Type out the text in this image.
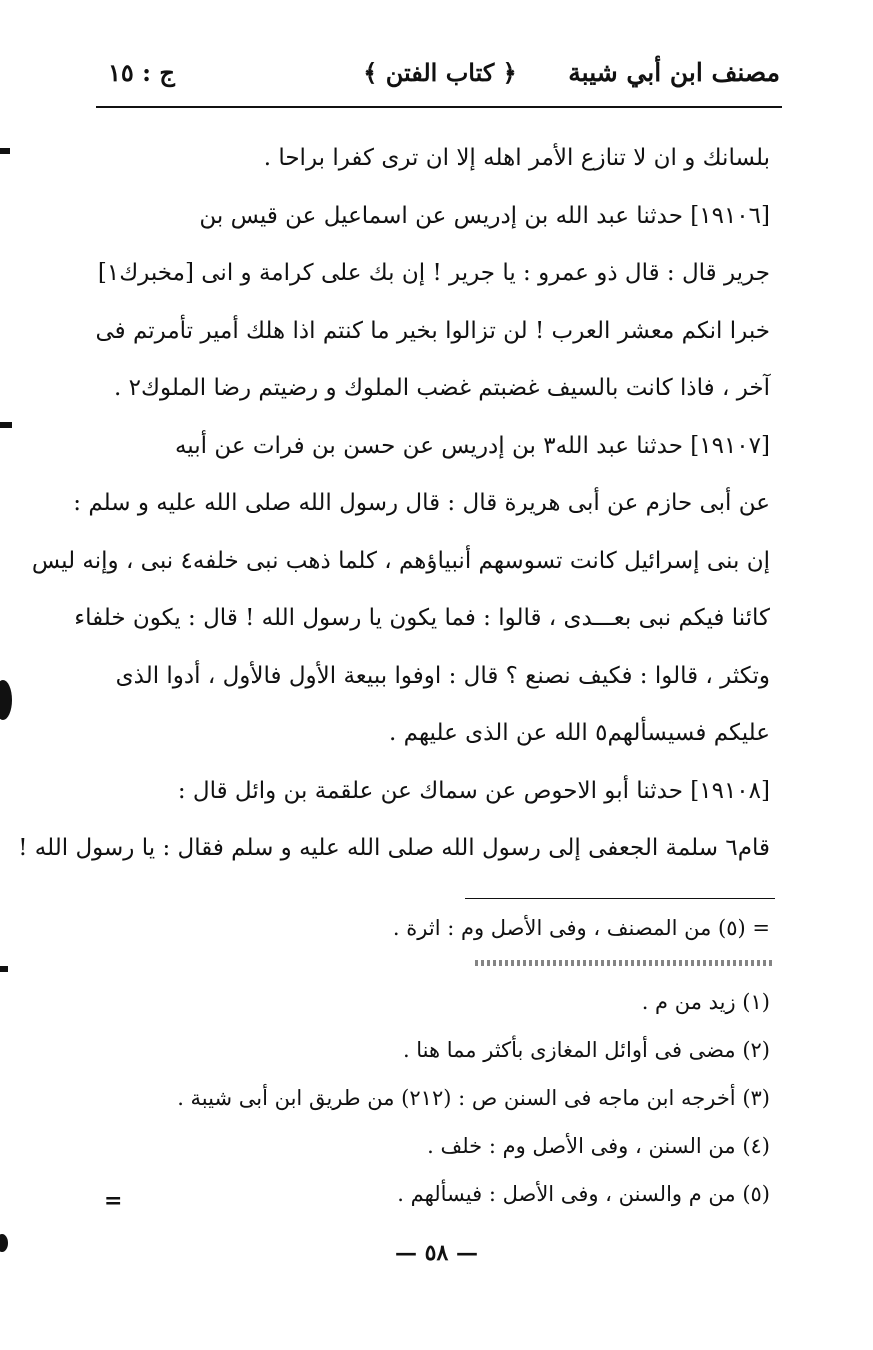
مصنف ابن أبي شيبة
﴿ كتاب الفتن ﴾
ج : ١٥
بلسانك و ان لا تنازع الأمر اهله إلا ان ترى كفرا براحا .
[١٩١٠٦] حدثنا عبد الله بن إدريس عن اسماعيل عن قيس بن
جرير قال : قال ذو عمرو : يا جرير ! إن بك على كرامة و انى [مخبرك١]
خبرا انكم معشر العرب ! لن تزالوا بخير ما كنتم اذا هلك أمير تأمرتم فى
آخر ، فاذا كانت بالسيف غضبتم غضب الملوك و رضيتم رضا الملوك٢ .
[١٩١٠٧] حدثنا عبد الله٣ بن إدريس عن حسن بن فرات عن أبيه
عن أبى حازم عن أبى هريرة قال : قال رسول الله صلى الله عليه و سلم :
إن بنى إسرائيل كانت تسوسهم أنبياؤهم ، كلما ذهب نبى خلفه٤ نبى ، وإنه ليس
كائنا فيكم نبى بعـــدى ، قالوا : فما يكون يا رسول الله ! قال : يكون خلفاء
وتكثر ، قالوا : فكيف نصنع ؟ قال : اوفوا ببيعة الأول فالأول ، أدوا الذى
عليكم فسيسألهم٥ الله عن الذى عليهم .
[١٩١٠٨] حدثنا أبو الاحوص عن سماك عن علقمة بن وائل قال :
قام٦ سلمة الجعفى إلى رسول الله صلى الله عليه و سلم فقال : يا رسول الله !
= (٥) من المصنف ، وفى الأصل وم : اثرة .
(١) زيد من م .
(٢) مضى فى أوائل المغازى بأكثر مما هنا .
(٣) أخرجه ابن ماجه فى السنن ص : (٢١٢) من طريق ابن أبى شيبة .
(٤) من السنن ، وفى الأصل وم : خلف .
(٥) من م والسنن ، وفى الأصل : فيسألهم .
=
— ٥٨ —
